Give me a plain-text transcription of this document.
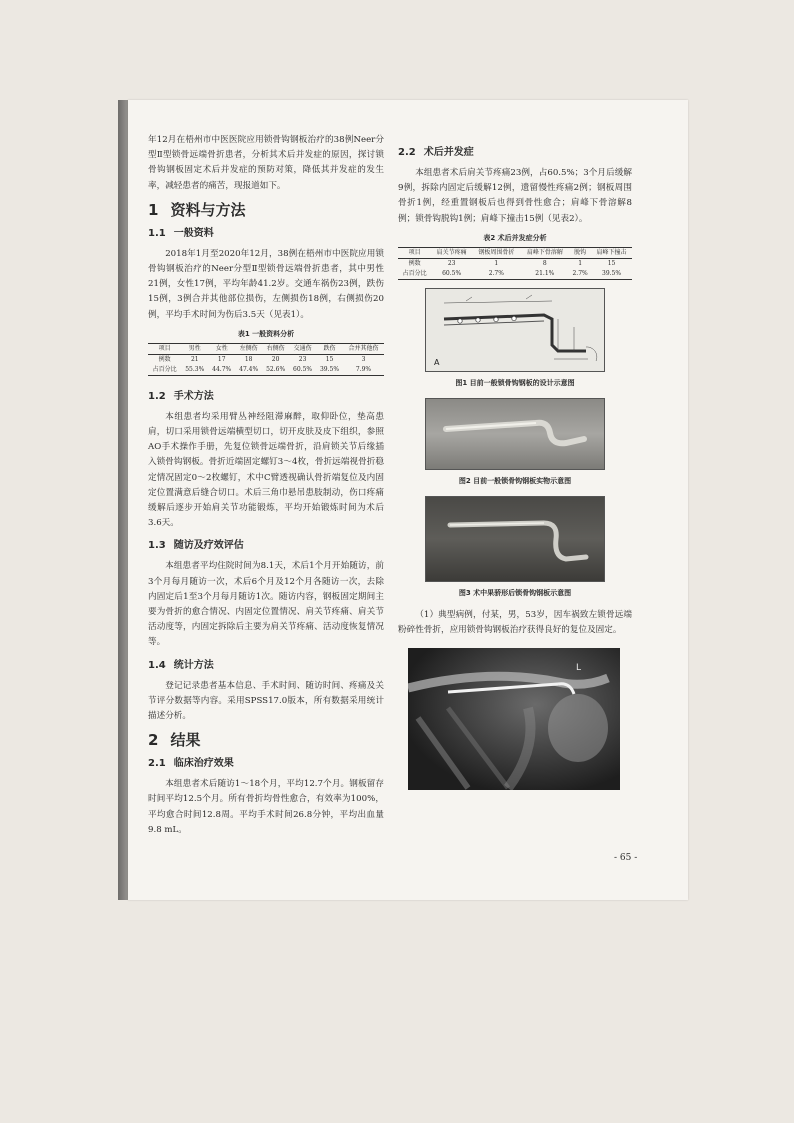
年12月在梧州市中医医院应用锁骨钩钢板治疗的38例Neer分型Ⅱ型锁骨远端骨折患者，分析其术后并发症的原因，探讨锁骨钩钢板固定术后并发症的预防对策，降低其并发症的发生率，减轻患者的痛苦，现报道如下。

1 资料与方法
1.1 一般资料

2018年1月至2020年12月，38例在梧州市中医院应用锁骨钩钢板治疗的Neer分型Ⅱ型锁骨远端骨折患者，其中男性21例，女性17例，平均年龄41.2岁。交通车祸伤23例，跌伤15例，3例合并其他部位损伤，左侧损伤18例，右侧损伤20例，平均手术时间为伤后3.5天（见表1）。

表1 一般资料分析
项目	男性	女性	左侧伤	右侧伤	交通伤	跌伤	合并其他伤
例数	21	17	18	20	23	15	3
占百分比	55.3%	44.7%	47.4%	52.6%	60.5%	39.5%	7.9%
1.2 手术方法

本组患者均采用臂丛神经阻滞麻醉，取仰卧位，垫高患肩，切口采用锁骨远端横型切口，切开皮肤及皮下组织，参照AO手术操作手册，先复位锁骨远端骨折，沿肩锁关节后缘插入锁骨钩钢板。骨折近端固定螺钉3～4枚，骨折远端视骨折稳定情况固定0～2枚螺钉，术中C臂透视确认骨折端复位及内固定位置满意后缝合切口。术后三角巾悬吊患肢制动，伤口疼痛缓解后逐步开始肩关节功能锻炼，平均开始锻炼时间为术后3.6天。

1.3 随访及疗效评估

本组患者平均住院时间为8.1天，术后1个月开始随访，前3个月每月随访一次，术后6个月及12个月各随访一次，去除内固定后1至3个月每月随访1次。随访内容，钢板固定期间主要为骨折的愈合情况、内固定位置情况、肩关节疼痛、肩关节活动度等，内固定拆除后主要为肩关节疼痛、活动度恢复情况等。

1.4 统计方法

登记记录患者基本信息、手术时间、随访时间、疼痛及关节评分数据等内容。采用SPSS17.0版本，所有数据采用统计描述分析。

2 结果
2.1 临床治疗效果

本组患者术后随访1～18个月，平均12.7个月。钢板留存时间平均12.5个月。所有骨折均骨性愈合，有效率为100%，平均愈合时间12.8周。平均手术时间26.8分钟，平均出血量9.8 mL。

2.2 术后并发症

本组患者术后肩关节疼痛23例，占60.5%；3个月后缓解9例，拆除内固定后缓解12例，遗留慢性疼痛2例；钢板周围骨折1例，经重置钢板后也得到骨性愈合；肩峰下骨溶解8例；锁骨钩脱钩1例；肩峰下撞击15例（见表2）。

表2 术后并发症分析
项目	肩关节疼痛	钢板周围骨折	肩峰下骨溶解	脱钩	肩峰下撞击
例数	23	1	8	1	15
占百分比	60.5%	2.7%	21.1%	2.7%	39.5%
A
图1 目前一般锁骨钩钢板的设计示意图
图2 目前一般锁骨钩钢板实物示意图
图3 术中果骄形后锁骨钩钢板示意图

（1）典型病例，付某，男，53岁，因车祸致左锁骨远端粉碎性骨折，应用锁骨钩钢板治疗获得良好的复位及固定。

L
- 65 -
